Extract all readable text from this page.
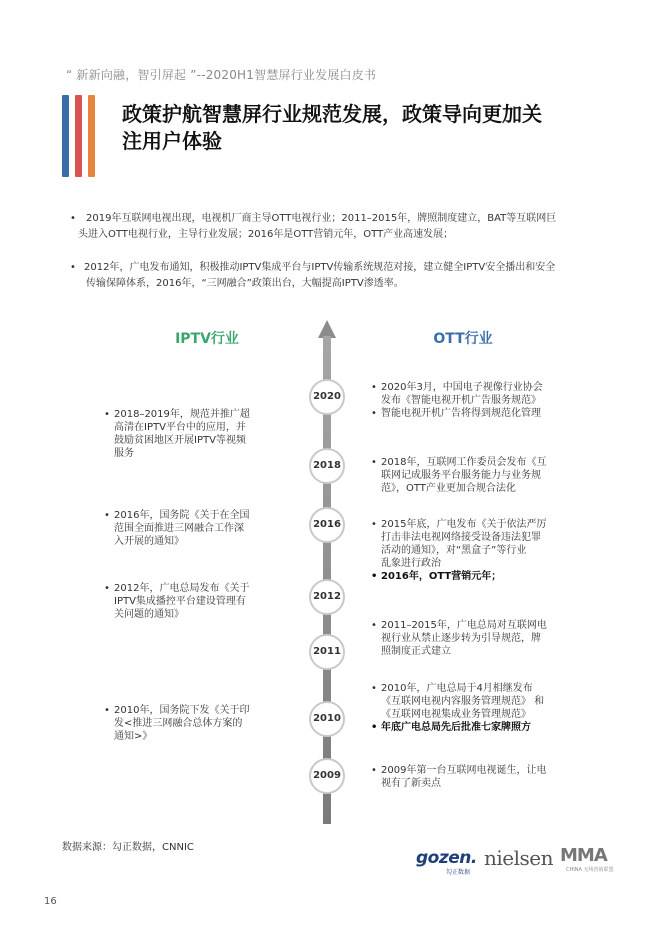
“ 新新向融，智引屏起 ”--2020H1智慧屏行业发展白皮书
政策护航智慧屏行业规范发展，政策导向更加关
注用户体验
•	2019年互联网电视出现，电视机厂商主导OTT电视行业；2011–2015年，牌照制度建立，BAT等互联网巨
头进入OTT电视行业，主导行业发展；2016年是OTT营销元年，OTT产业高速发展；
• 2012年，广电发布通知，积极推动IPTV集成平台与IPTV传输系统规范对接，建立健全IPTV安全播出和安全
传输保障体系，2016年，“三网融合”政策出台，大幅提高IPTV渗透率。
IPTV行业	OTT行业
2020
2018
2016
2012
2011
2010
2009
• 2018–2019年，规范并推广超
高清在IPTV平台中的应用，并
鼓励贫困地区开展IPTV等视频
服务
• 2016年，国务院《关于在全国
范围全面推进三网融合工作深
入开展的通知》
• 2012年，广电总局发布《关于
IPTV集成播控平台建设管理有
关问题的通知》
• 2010年，国务院下发《关于印
发<推进三网融合总体方案的
通知>》
• 2020年3月，中国电子视像行业协会
发布《智能电视开机广告服务规范》
• 智能电视开机广告将得到规范化管理
• 2018年，互联网工作委员会发布《互
联网记成服务平台服务能力与业务规
范》，OTT产业更加合规合法化
• 2015年底，广电发布《关于依法严厉
打击非法电视网络接受设备违法犯罪
活动的通知》，对“黑盒子”等行业
乱象进行政治
• 2016年，OTT营销元年；
• 2011–2015年，广电总局对互联网电
视行业从禁止逐步转为引导规范，牌
照制度正式建立
• 2010年，广电总局于4月相继发布
《互联网电视内容服务管理规范》 和
《互联网电视集成业务管理规范》
• 年底广电总局先后批准七家牌照方
• 2009年第一台互联网电视诞生，让电
视有了新卖点
数据来源：勾正数据，CNNIC
gozen.
勾正数据
nielsen MMA
CHINA 无线营销联盟
16
